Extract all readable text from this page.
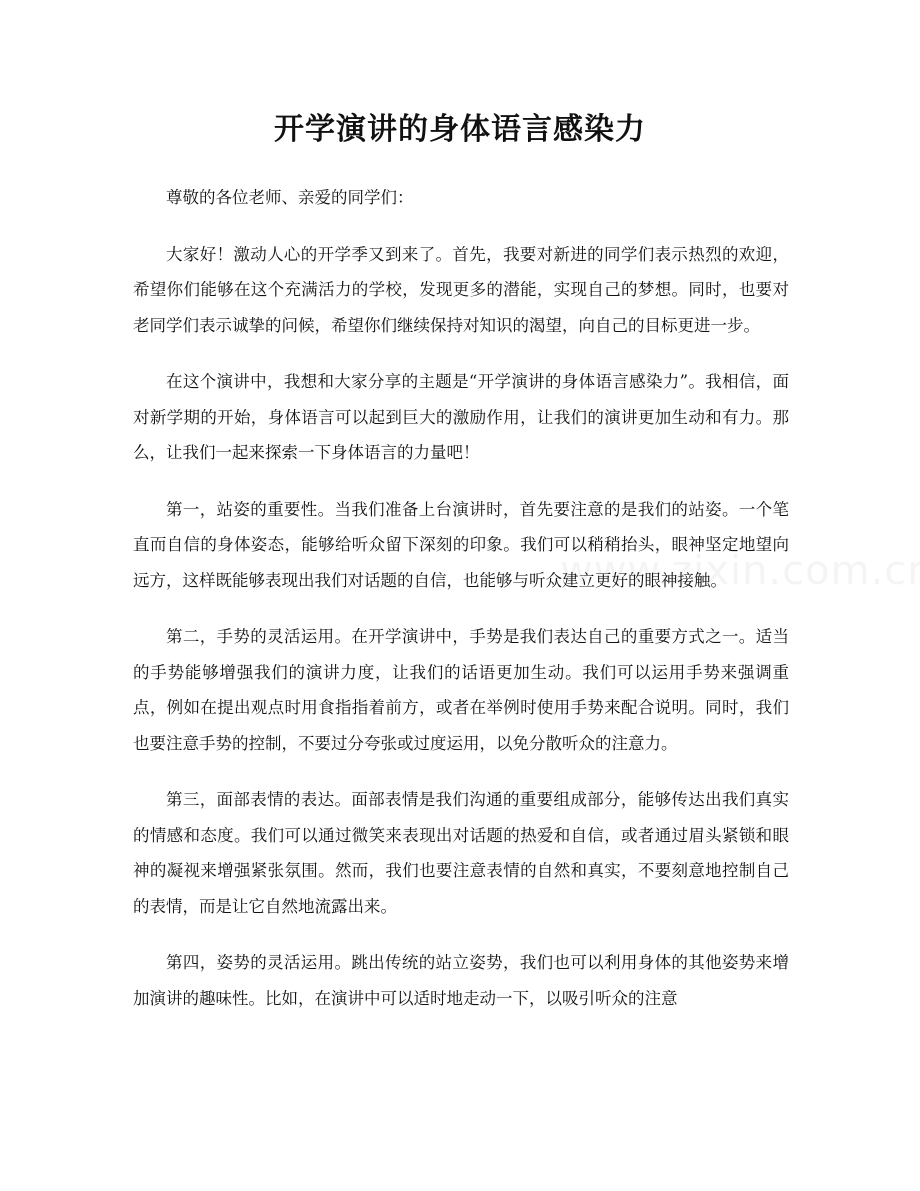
开学演讲的身体语言感染力

尊敬的各位老师、亲爱的同学们：

大家好！激动人心的开学季又到来了。首先，我要对新进的同学们表示热烈的欢迎，希望你们能够在这个充满活力的学校，发现更多的潜能，实现自己的梦想。同时，也要对老同学们表示诚挚的问候，希望你们继续保持对知识的渴望，向自己的目标更进一步。

在这个演讲中，我想和大家分享的主题是“开学演讲的身体语言感染力”。我相信，面对新学期的开始，身体语言可以起到巨大的激励作用，让我们的演讲更加生动和有力。那么，让我们一起来探索一下身体语言的力量吧！

第一，站姿的重要性。当我们准备上台演讲时，首先要注意的是我们的站姿。一个笔直而自信的身体姿态，能够给听众留下深刻的印象。我们可以稍稍抬头，眼神坚定地望向远方，这样既能够表现出我们对话题的自信，也能够与听众建立更好的眼神接触。

第二，手势的灵活运用。在开学演讲中，手势是我们表达自己的重要方式之一。适当的手势能够增强我们的演讲力度，让我们的话语更加生动。我们可以运用手势来强调重点，例如在提出观点时用食指指着前方，或者在举例时使用手势来配合说明。同时，我们也要注意手势的控制，不要过分夸张或过度运用，以免分散听众的注意力。

第三，面部表情的表达。面部表情是我们沟通的重要组成部分，能够传达出我们真实的情感和态度。我们可以通过微笑来表现出对话题的热爱和自信，或者通过眉头紧锁和眼神的凝视来增强紧张氛围。然而，我们也要注意表情的自然和真实，不要刻意地控制自己的表情，而是让它自然地流露出来。

第四，姿势的灵活运用。跳出传统的站立姿势，我们也可以利用身体的其他姿势来增加演讲的趣味性。比如，在演讲中可以适时地走动一下，以吸引听众的注意
